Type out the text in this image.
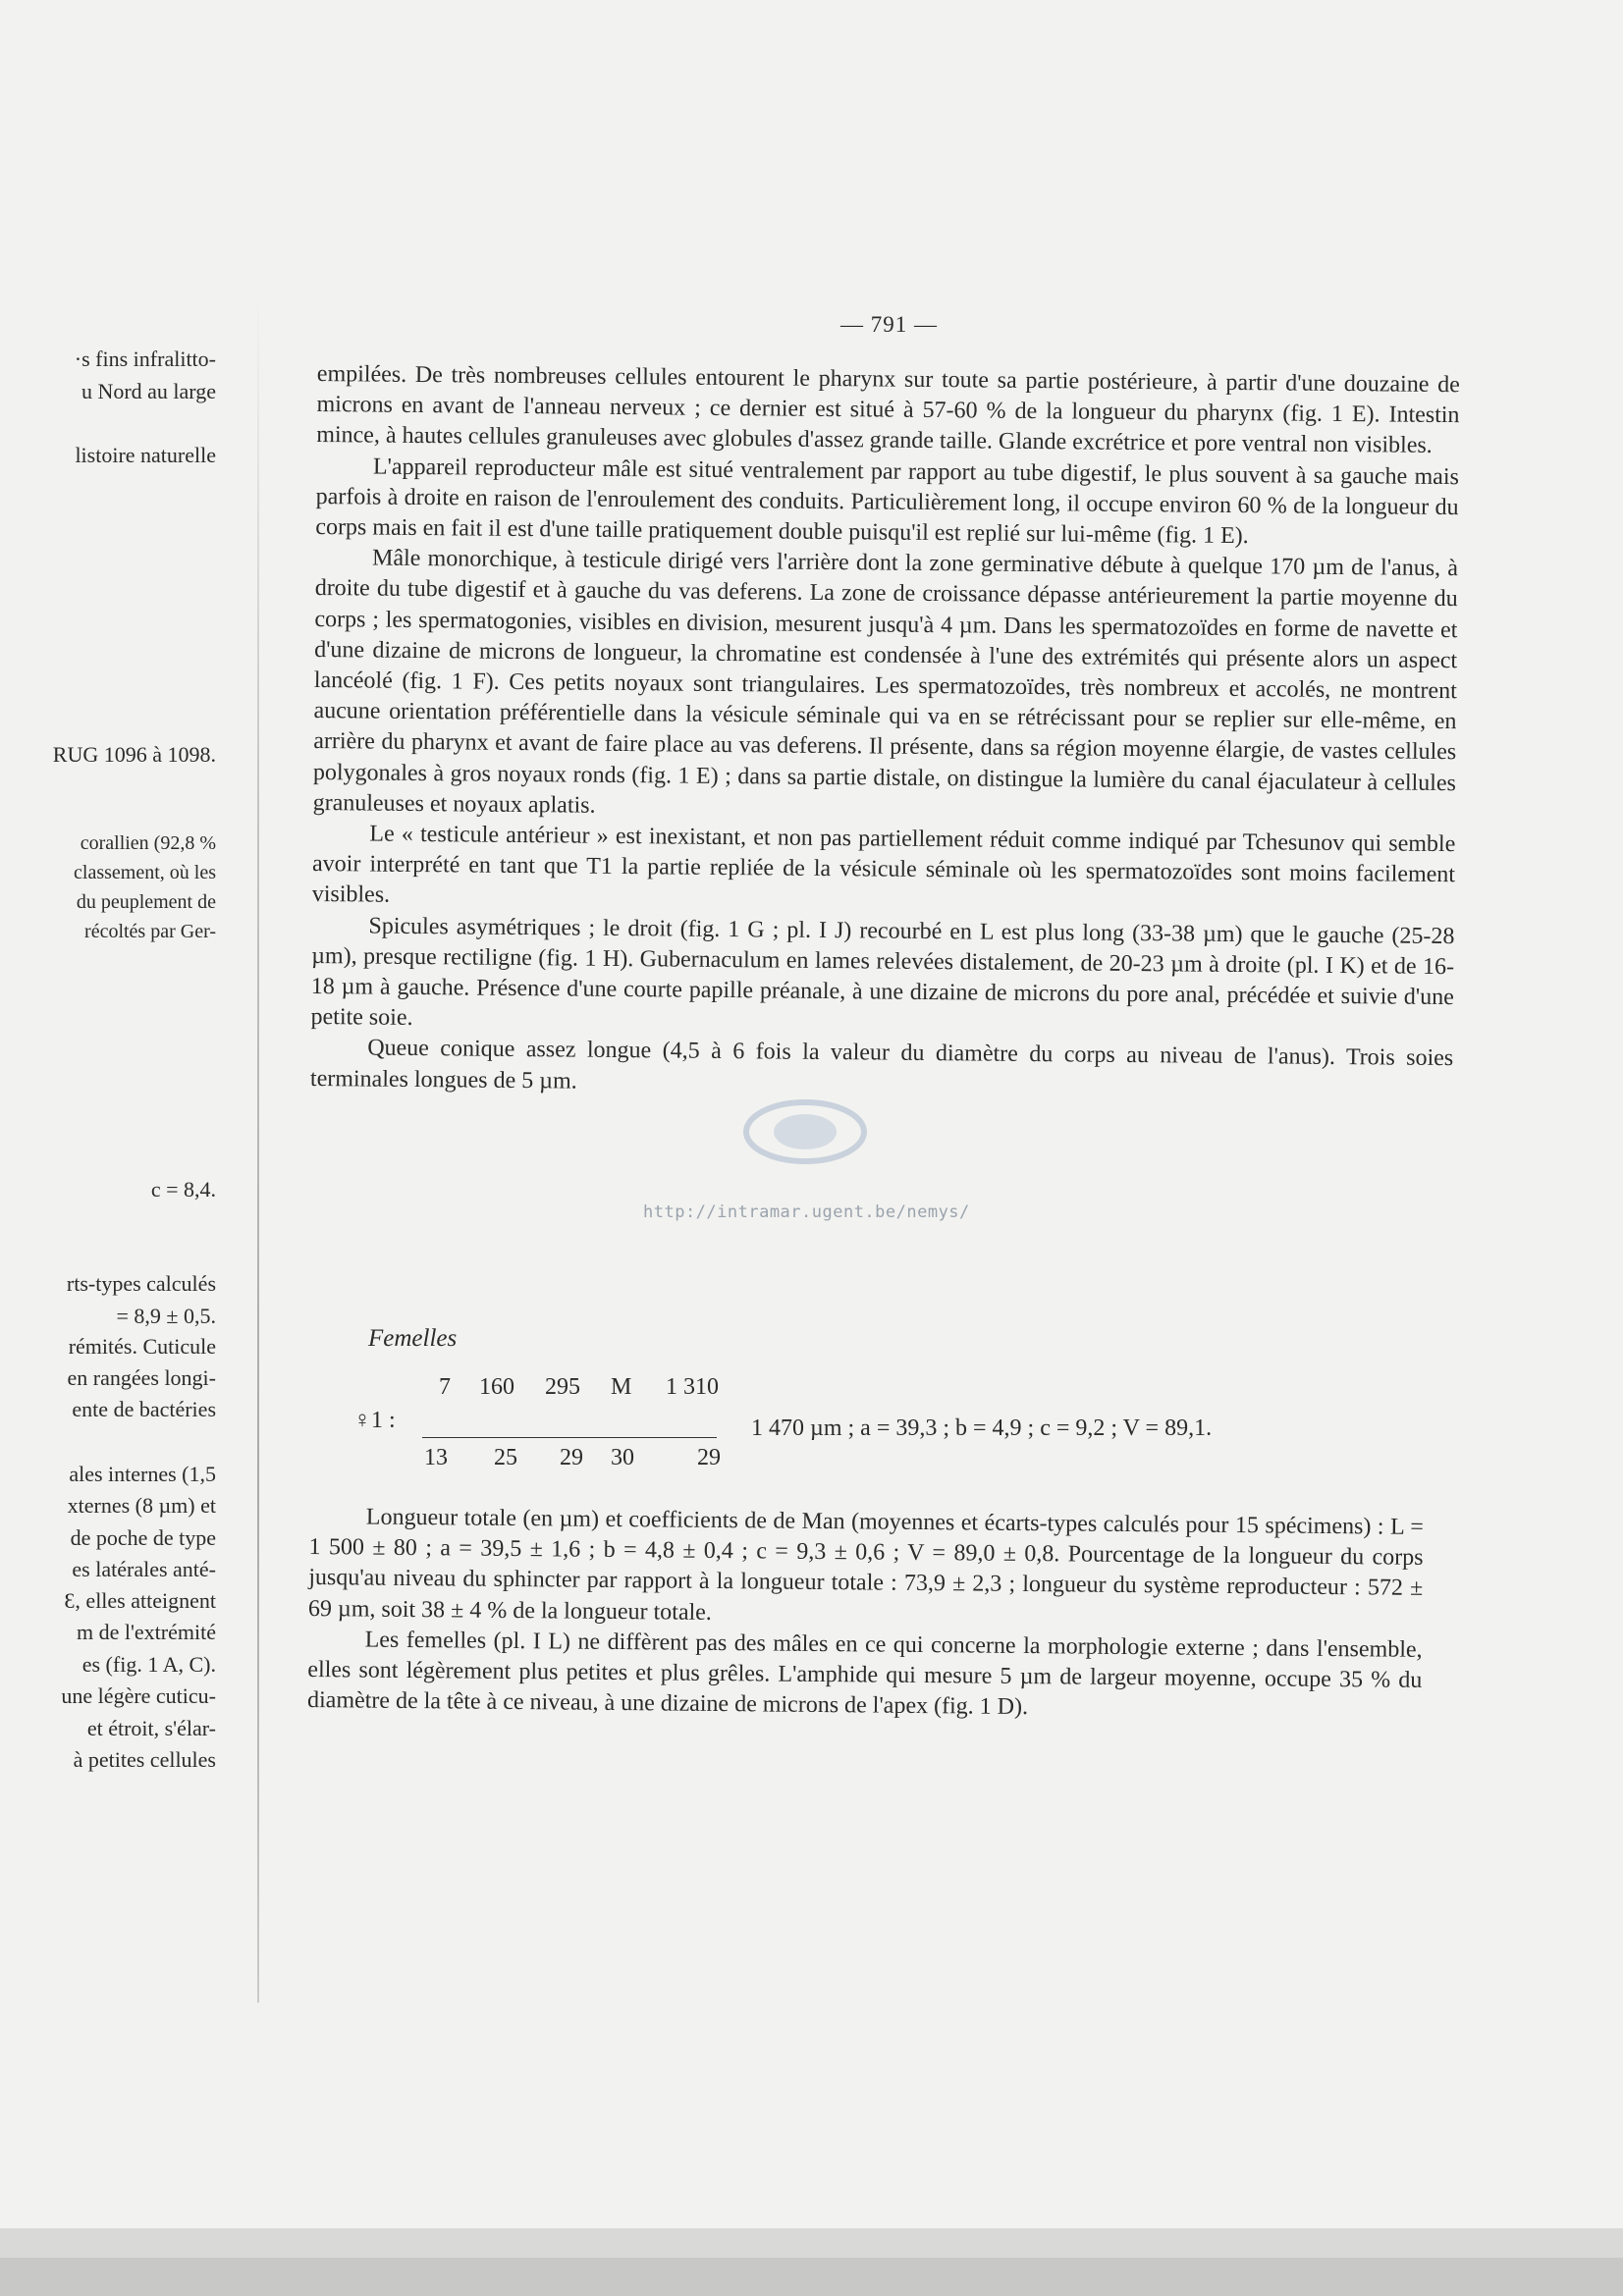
·s fins infralitto-
u Nord au large
listoire naturelle
RUG 1096 à 1098.
corallien (92,8 %
classement, où les
du peuplement de
récoltés par Ger-
c = 8,4.
rts-types calculés
= 8,9 ± 0,5.
rémités. Cuticule
en rangées longi-
ente de bactéries
ales internes (1,5
xternes (8 µm) et
de poche de type
es latérales anté-
Ɛ, elles atteignent
m de l'extrémité
es (fig. 1 A, C).
une légère cuticu-
et étroit, s'élar-
à petites cellules
— 791 —

empilées. De très nombreuses cellules entourent le pharynx sur toute sa partie postérieure, à partir d'une douzaine de microns en avant de l'anneau nerveux ; ce dernier est situé à 57-60 % de la longueur du pharynx (fig. 1 E). Intestin mince, à hautes cellules granuleuses avec globules d'assez grande taille. Glande excrétrice et pore ventral non visibles.

L'appareil reproducteur mâle est situé ventralement par rapport au tube digestif, le plus souvent à sa gauche mais parfois à droite en raison de l'enroulement des conduits. Particulièrement long, il occupe environ 60 % de la longueur du corps mais en fait il est d'une taille pratiquement double puisqu'il est replié sur lui-même (fig. 1 E).

Mâle monorchique, à testicule dirigé vers l'arrière dont la zone germinative débute à quelque 170 µm de l'anus, à droite du tube digestif et à gauche du vas deferens. La zone de croissance dépasse antérieurement la partie moyenne du corps ; les spermatogonies, visibles en division, mesurent jusqu'à 4 µm. Dans les spermatozoïdes en forme de navette et d'une dizaine de microns de longueur, la chromatine est condensée à l'une des extrémités qui présente alors un aspect lancéolé (fig. 1 F). Ces petits noyaux sont triangulaires. Les spermatozoïdes, très nombreux et accolés, ne montrent aucune orientation préférentielle dans la vésicule séminale qui va en se rétrécissant pour se replier sur elle-même, en arrière du pharynx et avant de faire place au vas deferens. Il présente, dans sa région moyenne élargie, de vastes cellules polygonales à gros noyaux ronds (fig. 1 E) ; dans sa partie distale, on distingue la lumière du canal éjaculateur à cellules granuleuses et noyaux aplatis.

Le « testicule antérieur » est inexistant, et non pas partiellement réduit comme indiqué par Tchesunov qui semble avoir interprété en tant que T1 la partie repliée de la vésicule séminale où les spermatozoïdes sont moins facilement visibles.

Spicules asymétriques ; le droit (fig. 1 G ; pl. I J) recourbé en L est plus long (33-38 µm) que le gauche (25-28 µm), presque rectiligne (fig. 1 H). Gubernaculum en lames relevées distalement, de 20-23 µm à droite (pl. I K) et de 16-18 µm à gauche. Présence d'une courte papille préanale, à une dizaine de microns du pore anal, précédée et suivie d'une petite soie.

Queue conique assez longue (4,5 à 6 fois la valeur du diamètre du corps au niveau de l'anus). Trois soies terminales longues de 5 µm.

http://intramar.ugent.be/nemys/
Femelles
♀1 :
7 160 295 M 1 310
13 25 29 30	29
1 470 µm ; a = 39,3 ; b = 4,9 ; c = 9,2 ; V = 89,1.

Longueur totale (en µm) et coefficients de de Man (moyennes et écarts-types calculés pour 15 spécimens) : L = 1 500 ± 80 ; a = 39,5 ± 1,6 ; b = 4,8 ± 0,4 ; c = 9,3 ± 0,6 ; V = 89,0 ± 0,8. Pourcentage de la longueur du corps jusqu'au niveau du sphincter par rapport à la longueur totale : 73,9 ± 2,3 ; longueur du système reproducteur : 572 ± 69 µm, soit 38 ± 4 % de la longueur totale.

Les femelles (pl. I L) ne diffèrent pas des mâles en ce qui concerne la morphologie externe ; dans l'ensemble, elles sont légèrement plus petites et plus grêles. L'amphide qui mesure 5 µm de largeur moyenne, occupe 35 % du diamètre de la tête à ce niveau, à une dizaine de microns de l'apex (fig. 1 D).
